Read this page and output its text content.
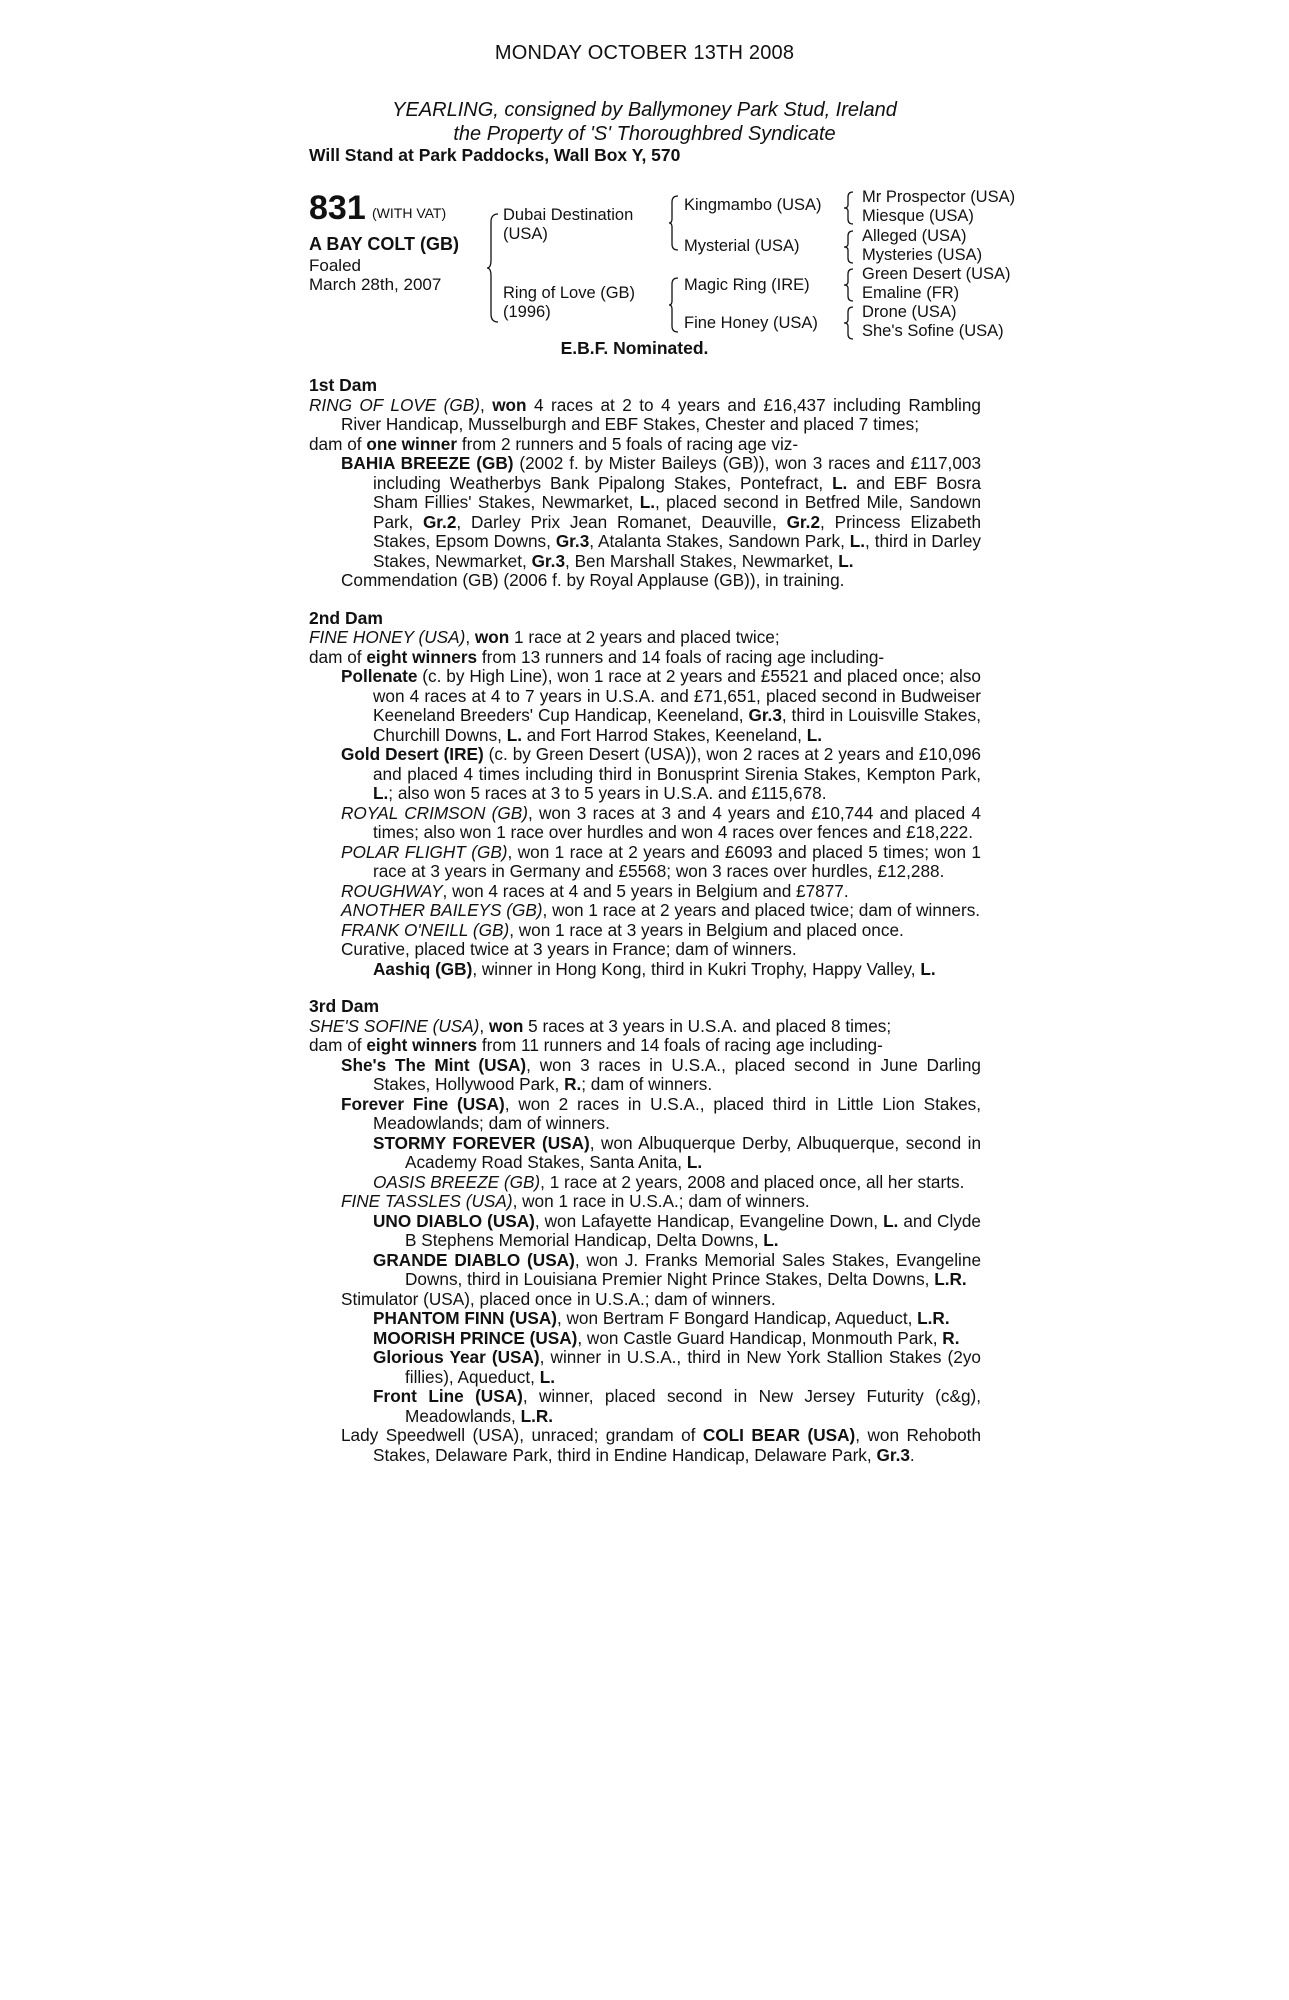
MONDAY OCTOBER 13TH 2008
YEARLING, consigned by Ballymoney Park Stud, Ireland
the Property of 'S' Thoroughbred Syndicate
Will Stand at Park Paddocks, Wall Box Y, 570
831 (WITH VAT)
A BAY COLT (GB)
Foaled
March 28th, 2007
Dubai Destination
(USA)
Ring of Love (GB)
(1996)
Kingmambo (USA)
Mysterial (USA)
Magic Ring (IRE)
Fine Honey (USA)
Mr Prospector (USA)
Miesque (USA)
Alleged (USA)
Mysteries (USA)
Green Desert (USA)
Emaline (FR)
Drone (USA)
She's Sofine (USA)
E.B.F. Nominated.
1st Dam

RING OF LOVE (GB), won 4 races at 2 to 4 years and £16,437 including Rambling River Handicap, Musselburgh and EBF Stakes, Chester and placed 7 times;

dam of one winner from 2 runners and 5 foals of racing age viz-

BAHIA BREEZE (GB) (2002 f. by Mister Baileys (GB)), won 3 races and £117,003 including Weatherbys Bank Pipalong Stakes, Pontefract, L. and EBF Bosra Sham Fillies' Stakes, Newmarket, L., placed second in Betfred Mile, Sandown Park, Gr.2, Darley Prix Jean Romanet, Deauville, Gr.2, Princess Elizabeth Stakes, Epsom Downs, Gr.3, Atalanta Stakes, Sandown Park, L., third in Darley Stakes, Newmarket, Gr.3, Ben Marshall Stakes, Newmarket, L.

Commendation (GB) (2006 f. by Royal Applause (GB)), in training.

2nd Dam

FINE HONEY (USA), won 1 race at 2 years and placed twice;

dam of eight winners from 13 runners and 14 foals of racing age including-

Pollenate (c. by High Line), won 1 race at 2 years and £5521 and placed once; also won 4 races at 4 to 7 years in U.S.A. and £71,651, placed second in Budweiser Keeneland Breeders' Cup Handicap, Keeneland, Gr.3, third in Louisville Stakes, Churchill Downs, L. and Fort Harrod Stakes, Keeneland, L.

Gold Desert (IRE) (c. by Green Desert (USA)), won 2 races at 2 years and £10,096 and placed 4 times including third in Bonusprint Sirenia Stakes, Kempton Park, L.; also won 5 races at 3 to 5 years in U.S.A. and £115,678.

ROYAL CRIMSON (GB), won 3 races at 3 and 4 years and £10,744 and placed 4 times; also won 1 race over hurdles and won 4 races over fences and £18,222.

POLAR FLIGHT (GB), won 1 race at 2 years and £6093 and placed 5 times; won 1 race at 3 years in Germany and £5568; won 3 races over hurdles, £12,288.

ROUGHWAY, won 4 races at 4 and 5 years in Belgium and £7877.

ANOTHER BAILEYS (GB), won 1 race at 2 years and placed twice; dam of winners.

FRANK O'NEILL (GB), won 1 race at 3 years in Belgium and placed once.

Curative, placed twice at 3 years in France; dam of winners.

Aashiq (GB), winner in Hong Kong, third in Kukri Trophy, Happy Valley, L.

3rd Dam

SHE'S SOFINE (USA), won 5 races at 3 years in U.S.A. and placed 8 times;

dam of eight winners from 11 runners and 14 foals of racing age including-

She's The Mint (USA), won 3 races in U.S.A., placed second in June Darling Stakes, Hollywood Park, R.; dam of winners.

Forever Fine (USA), won 2 races in U.S.A., placed third in Little Lion Stakes, Meadowlands; dam of winners.

STORMY FOREVER (USA), won Albuquerque Derby, Albuquerque, second in Academy Road Stakes, Santa Anita, L.

OASIS BREEZE (GB), 1 race at 2 years, 2008 and placed once, all her starts.

FINE TASSLES (USA), won 1 race in U.S.A.; dam of winners.

UNO DIABLO (USA), won Lafayette Handicap, Evangeline Down, L. and Clyde B Stephens Memorial Handicap, Delta Downs, L.

GRANDE DIABLO (USA), won J. Franks Memorial Sales Stakes, Evangeline Downs, third in Louisiana Premier Night Prince Stakes, Delta Downs, L.R.

Stimulator (USA), placed once in U.S.A.; dam of winners.

PHANTOM FINN (USA), won Bertram F Bongard Handicap, Aqueduct, L.R.

MOORISH PRINCE (USA), won Castle Guard Handicap, Monmouth Park, R.

Glorious Year (USA), winner in U.S.A., third in New York Stallion Stakes (2yo fillies), Aqueduct, L.

Front Line (USA), winner, placed second in New Jersey Futurity (c&g), Meadowlands, L.R.

Lady Speedwell (USA), unraced; grandam of COLI BEAR (USA), won Rehoboth Stakes, Delaware Park, third in Endine Handicap, Delaware Park, Gr.3.
